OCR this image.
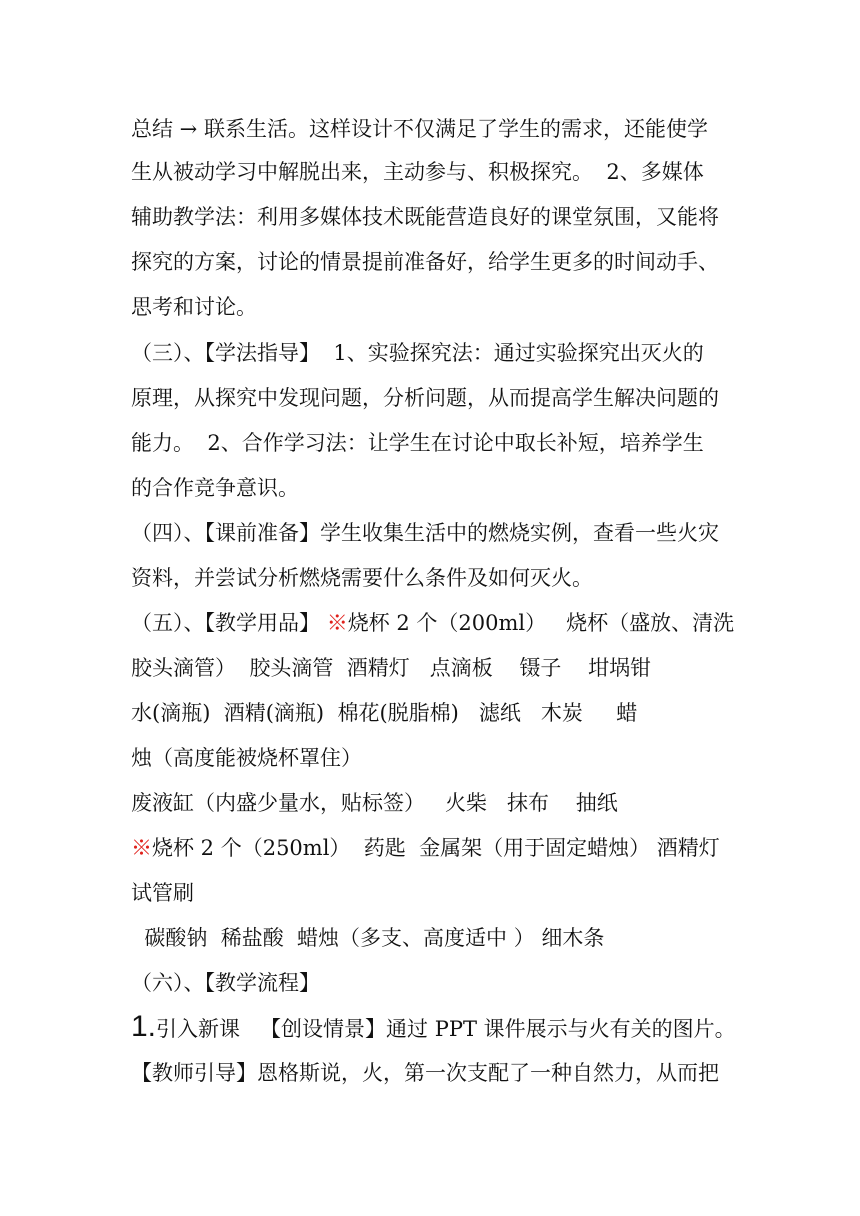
总结 → 联系生活。这样设计不仅满足了学生的需求，还能使学
生从被动学习中解脱出来，主动参与、积极探究。  2、多媒体
辅助教学法：利用多媒体技术既能营造良好的课堂氛围，又能将
探究的方案，讨论的情景提前准备好，给学生更多的时间动手、
思考和讨论。
（三）、【学法指导】  1、实验探究法：通过实验探究出灭火的
原理，从探究中发现问题，分析问题，从而提高学生解决问题的
能力。  2、合作学习法：让学生在讨论中取长补短，培养学生
的合作竞争意识。
（四）、【课前准备】学生收集生活中的燃烧实例，查看一些火灾
资料，并尝试分析燃烧需要什么条件及如何灭火。
（五）、【教学用品】 ※烧杯 2 个（200ml）   烧杯（盛放、清洗
胶头滴管）  胶头滴管  酒精灯   点滴板    镊子    坩埚钳
水(滴瓶)  酒精(滴瓶)  棉花(脱脂棉)   滤纸   木炭     蜡
烛（高度能被烧杯罩住）
废液缸（内盛少量水，贴标签）   火柴   抹布    抽纸
※烧杯 2 个（250ml）  药匙  金属架（用于固定蜡烛） 酒精灯
试管刷
碳酸钠  稀盐酸  蜡烛（多支、高度适中 ） 细木条
（六）、【教学流程】
1.引入新课   【创设情景】通过 PPT 课件展示与火有关的图片。
【教师引导】恩格斯说，火，第一次支配了一种自然力，从而把
